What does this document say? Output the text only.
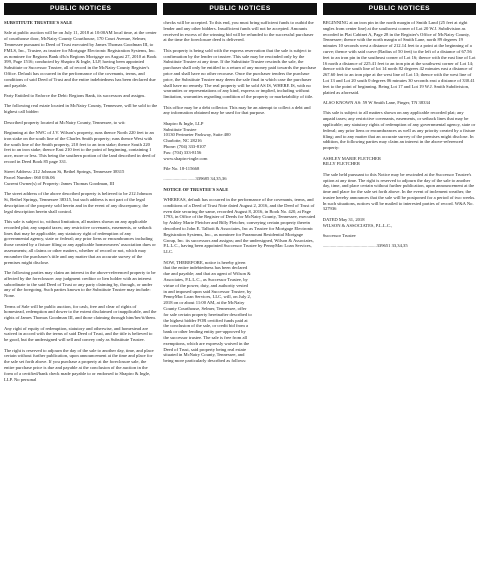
PUBLIC NOTICES	PUBLIC NOTICES	PUBLIC NOTICES

SUBSTITUTE TRUSTEE'S SALE

Sale at public auction will be on July 11, 2018 at 10:00AM local time, at the center of courthouse door, McNairy County Courthouse, 170 Court Avenue, Selmer, Tennessee pursuant to Deed of Trust executed by James Thomas Goodman III, to FMLS, Inc., Trustee, as trustee for Mortgage Electronic Registration Systems, Inc. as nominee for Regions Bank d/b/a Regions Mortgage on August 27, 2010 at Book 399, Page 1516; conducted by Shapiro & Ingle, LLP, having been appointed Substitute or Successor Trustee, all of record in the McNairy County Register's Office. Default has occurred in the performance of the covenants, terms, and conditions of said Deed of Trust and the entire indebtedness has been declared due and payable.

Party Entitled to Enforce the Debt: Regions Bank, its successors and assigns.

The following real estate located in McNairy County, Tennessee, will be sold to the highest call bidder:

Described property located at McNairy County, Tennessee, to wit:

Beginning at the NWC of J.V. Wilson's property, runs thence North 220 feet to an iron stake on the south line of the Charles Smith property; runs thence West with the south line of the Smith property, 210 feet to an iron stake; thence South 220 feet to an iron stake; thence East 210 feet to the point of beginning, containing 1 acre, more or less. This being the southern portion of the land described in deed of record in Deed Book 85 page 331.

Street Address: 212 Johnson St, Bethel Springs, Tennessee 38315
Parcel Number: 060 036.06
Current Owner(s) of Property: James Thomas Goodman, III

The street address of the above described property is believed to be 212 Johnson St, Bethel Springs, Tennessee 38315, but such address is not part of the legal description of the property sold herein and in the event of any discrepancy, the legal description herein shall control.

This sale is subject to, without limitation, all matters shown on any applicable recorded plat; any unpaid taxes; any restrictive covenants, easements, or setback lines that may be applicable; any statutory right of redemption of any governmental agency, state or federal; any prior liens or encumbrances including those created by a fixture filing or any applicable homeowners' association dues or assessments; all claims or other matters, whether of record or not, which may encumber the purchaser's title and any matter that an accurate survey of the premises might disclose.

The following parties may claim an interest in the above-referenced property to be affected by the foreclosure: any judgment creditor or lien holder with an interest subordinate to the said Deed of Trust or any party claiming by, through, or under any of the foregoing. Such parties known to the Substitute Trustee may include: None.

Terms of Sale will be public auction, for cash, free and clear of rights of homestead, redemption and dower to the extent disclaimed or inapplicable, and the rights of James Thomas Goodman III, and those claiming through him/her/it/them.

Any right of equity of redemption, statutory and otherwise, and homestead are waived in accord with the terms of said Deed of Trust, and the title is believed to be good, but the undersigned will sell and convey only as Substitute Trustee.

The right is reserved to adjourn the day of the sale to another day, time, and place certain without further publication, upon announcement at the time and place for the sale set forth above. If you purchase a property at the foreclosure sale, the entire purchase price is due and payable at the conclusion of the auction in the form of a certified/bank check made payable to or endorsed to Shapiro & Ingle, LLP. No personal

checks will be accepted. To this end, you must bring sufficient funds to outbid the lender and any other bidders. Insufficient funds will not be accepted. Amounts received in excess of the winning bid will be refunded to the successful purchaser at the time the foreclosure deed is delivered.

This property is being sold with the express reservation that the sale is subject to confirmation by the lender or trustee. This sale may be rescinded only by the Substitute Trustee at any time. If the Substitute Trustee rescinds the sale, the purchaser shall only be entitled to a return of any money paid towards the purchase price and shall have no other recourse. Once the purchaser tenders the purchase price, the Substitute Trustee may deem the sale final in which case the purchaser shall have no remedy. The real property will be sold AS IS, WHERE IS, with no warranties or representations of any kind, express or implied, including without limitation, warranties regarding condition of the property or marketability of title.

This office may be a debt collector. This may be an attempt to collect a debt and any information obtained may be used for that purpose.

Shapiro & Ingle, LLP
Substitute Trustee
10130 Perimeter Parkway, Suite 400
Charlotte, NC 28216
Phone: (704) 333-8107
Fax: (704) 333-8156
www.shapiro-ingle.com

File No. 18-115668

............................339685 34,35,36

NOTICE OF TRUSTEE'S SALE

WHEREAS, default has occurred in the performance of the covenants, terms, and conditions of a Deed of Trust Note dated August 2, 2016, and the Deed of Trust of even date securing the same, recorded August 8, 2016, in Book No. 420, at Page 1793, in Office of the Register of Deeds for McNairy County, Tennessee, executed by Ashley Marie Fletcher and Billy Fletcher, conveying certain property therein described to John E. Talbott & Associates, Inc as Trustee for Mortgage Electronic Registration Systems, Inc., as nominee for Paramount Residential Mortgage Group, Inc. its successors and assigns; and the undersigned, Wilson & Associates, P.L.L.C., having been appointed Successor Trustee by PennyMac Loan Services, LLC.

NOW, THEREFORE, notice is hereby given that the entire indebtedness has been declared due and payable; and that an agent of Wilson & Associates, P.L.L.C., as Successor Trustee, by virtue of the power, duty, and authority vested in and imposed upon said Successor Trustee, by PennyMac Loan Services, LLC, will, on July 2, 2018 on or about 11:00 AM, at the McNairy County Courthouse, Selmer, Tennessee, offer for sale certain property hereinafter described to the highest bidder FOR certified funds paid at the conclusion of the sale, or credit bid from a bank or other lending entity pre-approved by the successor trustee. The sale is free from all exemptions, which are expressly waived in the Deed of Trust, said property being real estate situated in McNairy County, Tennessee, and being more particularly described as follows:

BEGINNING at an iron pin in the north margin of Smith Land (25 feet at right angles from center line) at the southwest corner of Lot 20 W.J. Subdivision as recorded in Plat Cabinet A, Page 28 in the Register's Office of McNairy County, Tennessee; thence with the north margin of Smith Lane, north 89 degrees 19 minutes 10 seconds west a distance of 212.14 feet to a point at the beginning of a curve; thence with said curve (Radius of 50 feet) to the left of a distance of 67.56 feet to an iron pin in the southeast corner of Lot 16; thence with the east line of Lot 16 north a distance of 225.41 feet to an iron pin at the southwest corner of Lot 14; thence with the south line of lot 14 north 82 degrees 42 minutes east a distance of 267.60 feet to an iron pipe at the west line of Lot 13; thence with the west line of Lot 13 and Lot 20 south 0 degrees 06 minutes 30 seconds east a distance of 330.41 feet to the point of beginning. Being Lot 17 and Lot 19 W.J. Smith Subdivision, platted as aforesaid.

ALSO KNOWN AS: 59 W Smith Lane, Finger, TN 38334

This sale is subject to all matters shown on any applicable recorded plat; any unpaid taxes; any restrictive covenants, easements, or setback lines that may be applicable; any statutory rights of redemption of any governmental agency, state or federal; any prior liens or encumbrances as well as any priority created by a fixture filing; and to any matter that an accurate survey of the premises might disclose. In addition, the following parties may claim an interest in the above-referenced property:

ASHLEY MARIE FLETCHER
BILLY FLETCHER

The sale held pursuant to this Notice may be rescinded at the Successor Trustee's option at any time. The right is reserved to adjourn the day of the sale to another day, time, and place certain without further publication, upon announcement at the time and place for the sale set forth above. In the event of inclement weather, the trustee hereby announces that the sale will be postponed for a period of two weeks. In such situations, notices will be mailed to interested parties of record. W&A No. 327936

DATED May 31, 2018
WILSON & ASSOCIATES, P.L.L.C.,

Successor Trustee

...............................................339651 33,34,35
